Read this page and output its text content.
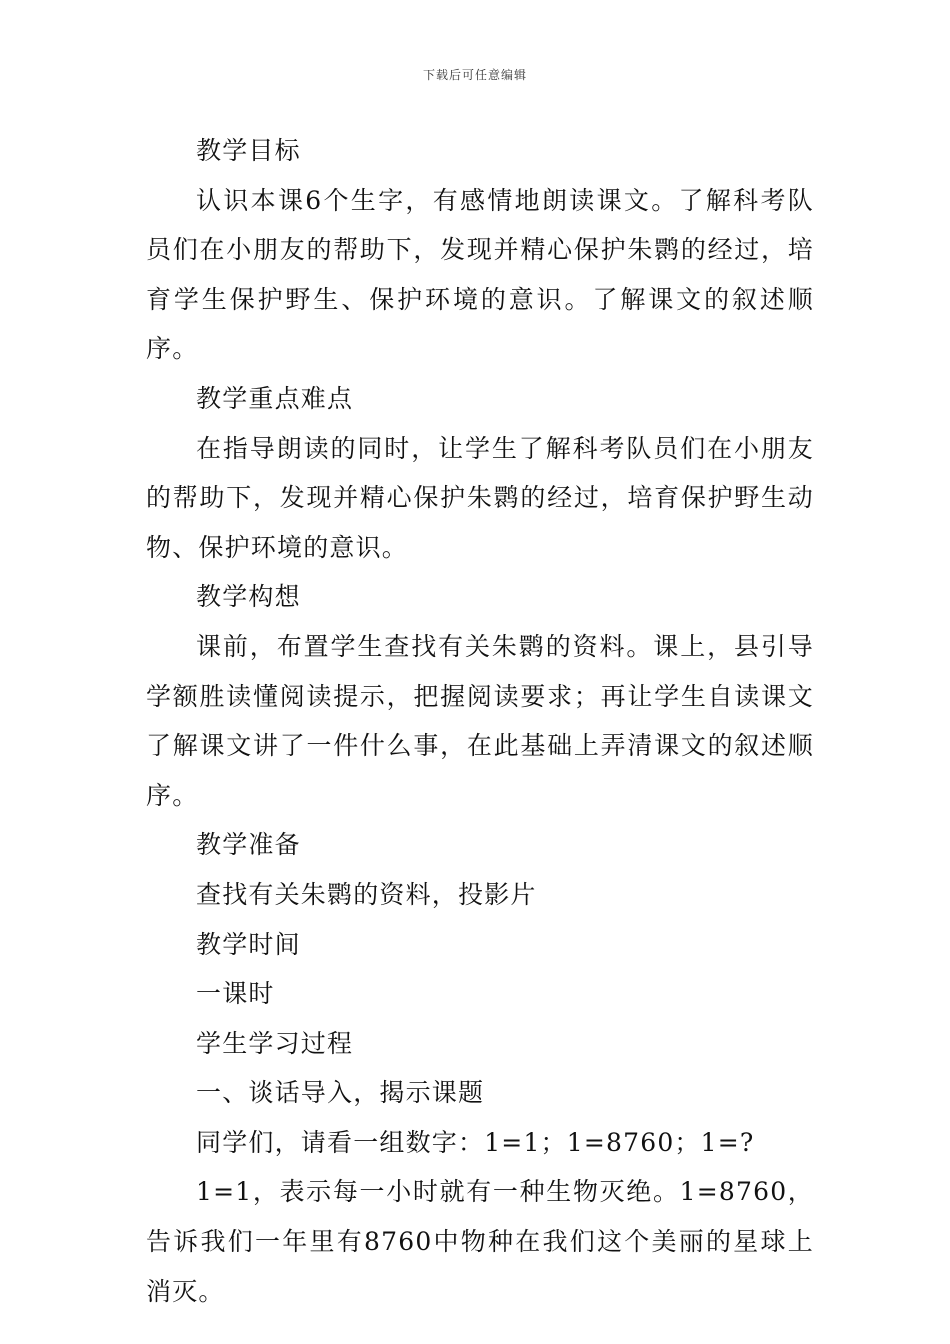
下载后可任意编辑

教学目标

认识本课6个生字，有感情地朗读课文。了解科考队员们在小朋友的帮助下，发现并精心保护朱鹮的经过，培育学生保护野生、保护环境的意识。了解课文的叙述顺序。

教学重点难点

在指导朗读的同时，让学生了解科考队员们在小朋友的帮助下，发现并精心保护朱鹮的经过，培育保护野生动物、保护环境的意识。

教学构想

课前，布置学生查找有关朱鹮的资料。课上，县引导学额胜读懂阅读提示，把握阅读要求；再让学生自读课文了解课文讲了一件什么事，在此基础上弄清课文的叙述顺序。

教学准备

查找有关朱鹮的资料，投影片

教学时间

一课时

学生学习过程

一、谈话导入，揭示课题

同学们，请看一组数字：1=1；1=8760；1=?

1=1，表示每一小时就有一种生物灭绝。1=8760，告诉我们一年里有8760中物种在我们这个美丽的星球上消灭。
